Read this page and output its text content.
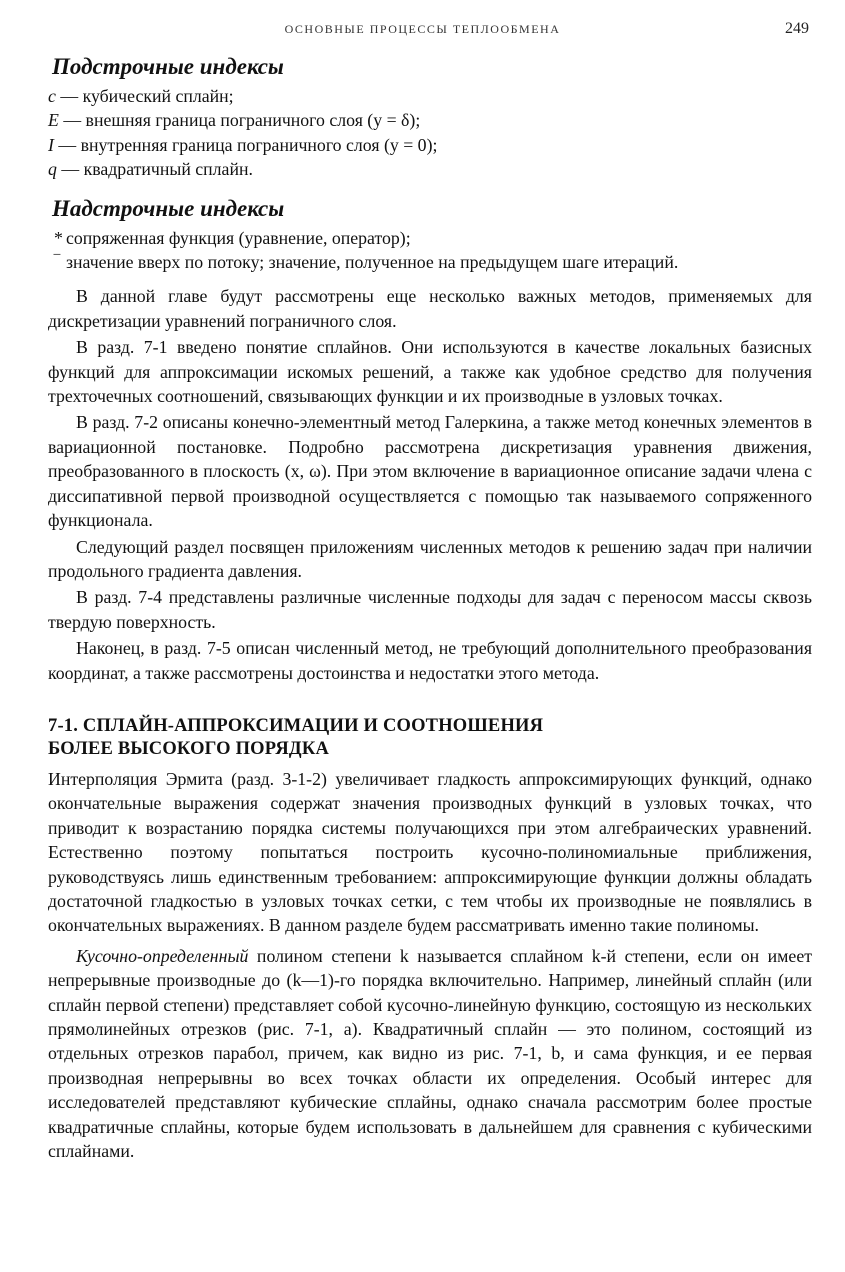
ОСНОВНЫЕ ПРОЦЕССЫ ТЕПЛООБМЕНА	249
Подстрочные индексы

c — кубический сплайн;

E — внешняя граница пограничного слоя (y = δ);

I — внутренняя граница пограничного слоя (y = 0);

q — квадратичный сплайн.

Надстрочные индексы

* сопряженная функция (уравнение, оператор);

‾ значение вверх по потоку; значение, полученное на предыдущем шаге итераций.

В данной главе будут рассмотрены еще несколько важных методов, применяемых для дискретизации уравнений пограничного слоя.

В разд. 7-1 введено понятие сплайнов. Они используются в качестве локальных базисных функций для аппроксимации искомых решений, а также как удобное средство для получения трехточечных соотношений, связывающих функции и их производные в узловых точках.

В разд. 7-2 описаны конечно-элементный метод Галеркина, а также метод конечных элементов в вариационной постановке. Подробно рассмотрена дискретизация уравнения движения, преобразованного в плоскость (x, ω). При этом включение в вариационное описание задачи члена с диссипативной первой производной осуществляется с помощью так называемого сопряженного функционала.

Следующий раздел посвящен приложениям численных методов к решению задач при наличии продольного градиента давления.

В разд. 7-4 представлены различные численные подходы для задач с переносом массы сквозь твердую поверхность.

Наконец, в разд. 7-5 описан численный метод, не требующий дополнительного преобразования координат, а также рассмотрены достоинства и недостатки этого метода.

7-1. СПЛАЙН-АППРОКСИМАЦИИ И СООТНОШЕНИЯ
БОЛЕЕ ВЫСОКОГО ПОРЯДКА

Интерполяция Эрмита (разд. 3-1-2) увеличивает гладкость аппроксимирующих функций, однако окончательные выражения содержат значения производных функций в узловых точках, что приводит к возрастанию порядка системы получающихся при этом алгебраических уравнений. Естественно поэтому попытаться построить кусочно-полиномиальные приближения, руководствуясь лишь единственным требованием: аппроксимирующие функции должны обладать достаточной гладкостью в узловых точках сетки, с тем чтобы их производные не появлялись в окончательных выражениях. В данном разделе будем рассматривать именно такие полиномы.

Кусочно-определенный полином степени k называется сплайном k-й степени, если он имеет непрерывные производные до (k—1)-го порядка включительно. Например, линейный сплайн (или сплайн первой степени) представляет собой кусочно-линейную функцию, состоящую из нескольких прямолинейных отрезков (рис. 7-1, a). Квадратичный сплайн — это полином, состоящий из отдельных отрезков парабол, причем, как видно из рис. 7-1, b, и сама функция, и ее первая производная непрерывны во всех точках области их определения. Особый интерес для исследователей представляют кубические сплайны, однако сначала рассмотрим более простые квадратичные сплайны, которые будем использовать в дальнейшем для сравнения с кубическими сплайнами.
